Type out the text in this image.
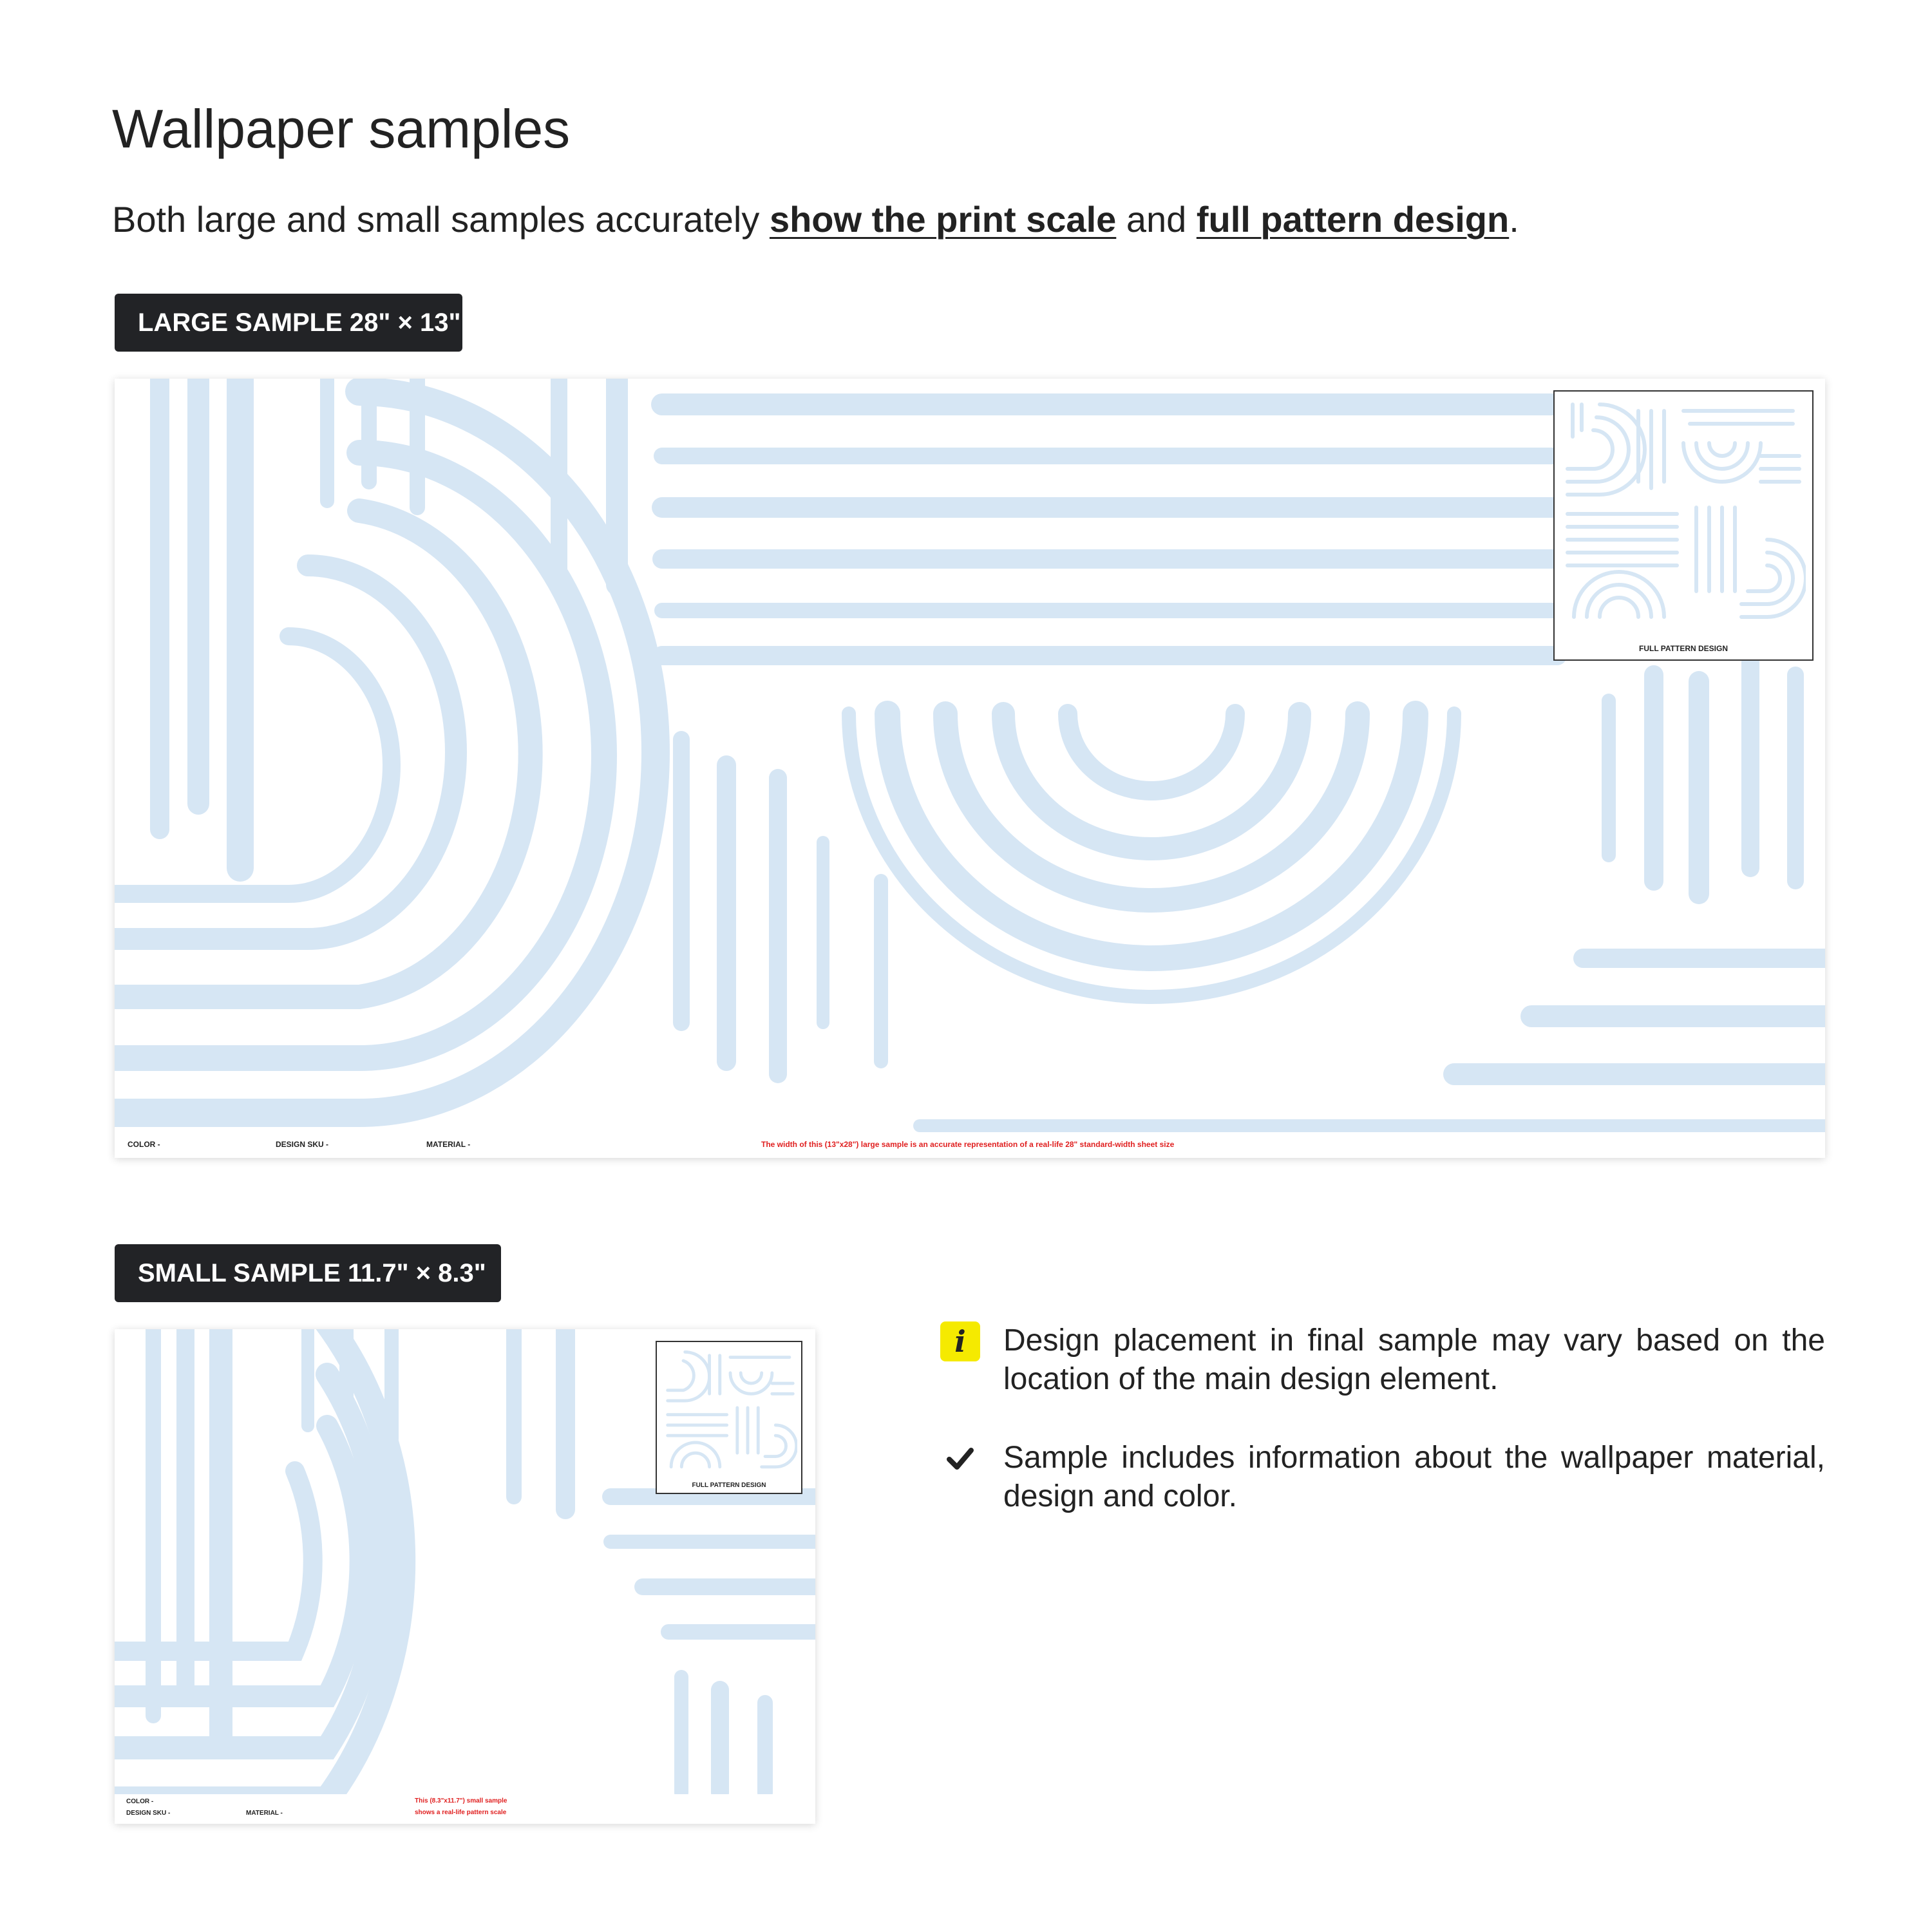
Wallpaper samples
Both large and small samples accurately show the print scale and full pattern design.
LARGE SAMPLE 28" × 13"
FULL PATTERN DESIGN
COLOR -	DESIGN SKU -	MATERIAL -	The width of this (13"x28") large sample is an accurate representation of a real-life 28" standard-width sheet size
SMALL SAMPLE 11.7" × 8.3"
FULL PATTERN DESIGN
COLOR -
DESIGN SKU -	MATERIAL -
This (8.3"x11.7") small sample
shows a real-life pattern scale
i	Design placement in final sample may vary based on the location of the main design element.
Sample includes information about the wallpaper material, design and color.
